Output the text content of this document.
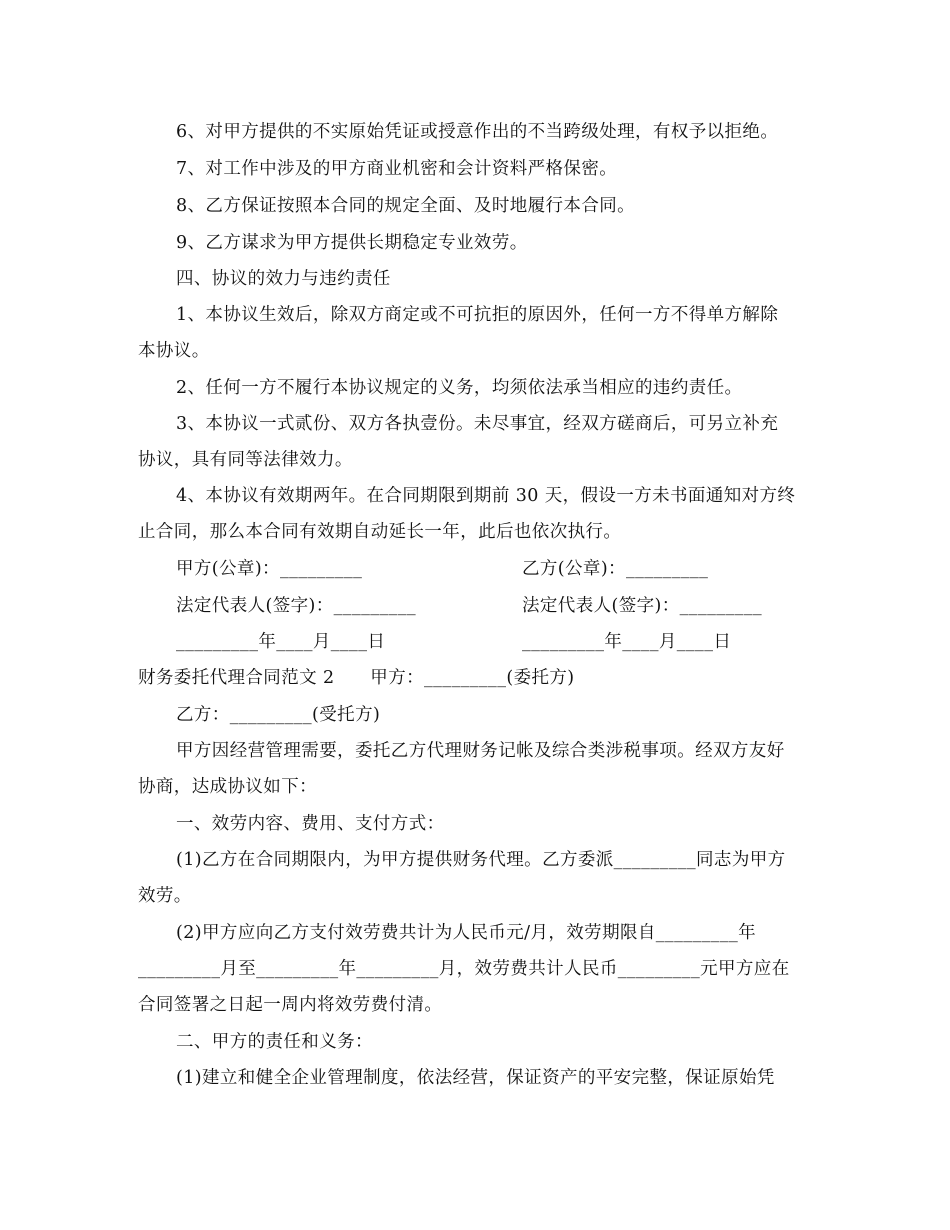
6、对甲方提供的不实原始凭证或授意作出的不当跨级处理，有权予以拒绝。
7、对工作中涉及的甲方商业机密和会计资料严格保密。
8、乙方保证按照本合同的规定全面、及时地履行本合同。
9、乙方谋求为甲方提供长期稳定专业效劳。
四、协议的效力与违约责任
1、本协议生效后，除双方商定或不可抗拒的原因外，任何一方不得单方解除
本协议。
2、任何一方不履行本协议规定的义务，均须依法承当相应的违约责任。
3、本协议一式贰份、双方各执壹份。未尽事宜，经双方磋商后，可另立补充
协议，具有同等法律效力。
4、本协议有效期两年。在合同期限到期前 30 天，假设一方未书面通知对方终
止合同，那么本合同有效期自动延长一年，此后也依次执行。
甲方(公章)：_________	乙方(公章)：_________
法定代表人(签字)：_________	法定代表人(签字)：_________
_________年____月____日	_________年____月____日
财务委托代理合同范文 2　　甲方：_________(委托方)
乙方：_________(受托方)
甲方因经营管理需要，委托乙方代理财务记帐及综合类涉税事项。经双方友好
协商，达成协议如下：
一、效劳内容、费用、支付方式：
(1)乙方在合同期限内，为甲方提供财务代理。乙方委派_________同志为甲方
效劳。
(2)甲方应向乙方支付效劳费共计为人民币元/月，效劳期限自_________年
_________月至_________年_________月，效劳费共计人民币_________元甲方应在
合同签署之日起一周内将效劳费付清。
二、甲方的责任和义务：
(1)建立和健全企业管理制度，依法经营，保证资产的平安完整，保证原始凭
